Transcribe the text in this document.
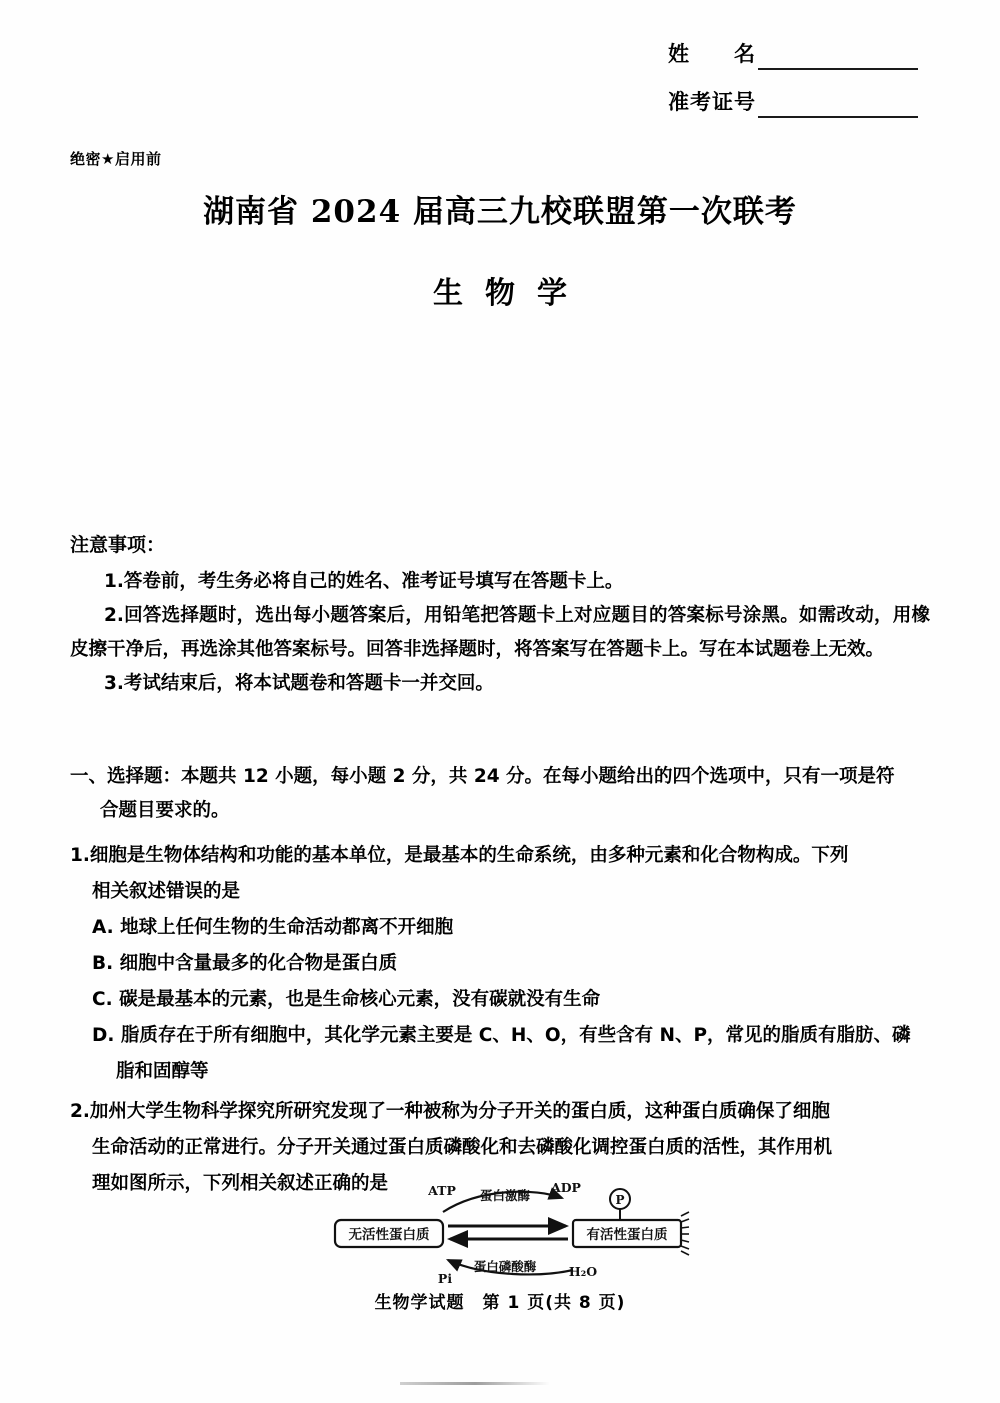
姓　　名
准考证号
绝密★启用前
湖南省 2024 届高三九校联盟第一次联考
生物学
注意事项：
1.答卷前，考生务必将自己的姓名、准考证号填写在答题卡上。
2.回答选择题时，选出每小题答案后，用铅笔把答题卡上对应题目的答案标号涂黑。如需改动，用橡皮擦干净后，再选涂其他答案标号。回答非选择题时，将答案写在答题卡上。写在本试题卷上无效。
3.考试结束后，将本试题卷和答题卡一并交回。
一、选择题：本题共 12 小题，每小题 2 分，共 24 分。在每小题给出的四个选项中，只有一项是符
合题目要求的。
1.细胞是生物体结构和功能的基本单位，是最基本的生命系统，由多种元素和化合物构成。下列
相关叙述错误的是
A. 地球上任何生物的生命活动都离不开细胞
B. 细胞中含量最多的化合物是蛋白质
C. 碳是最基本的元素，也是生命核心元素，没有碳就没有生命
D. 脂质存在于所有细胞中，其化学元素主要是 C、H、O，有些含有 N、P，常见的脂质有脂肪、磷
脂和固醇等
2.加州大学生物科学探究所研究发现了一种被称为分子开关的蛋白质，这种蛋白质确保了细胞
生命活动的正常进行。分子开关通过蛋白质磷酸化和去磷酸化调控蛋白质的活性，其作用机
理如图所示，下列相关叙述正确的是
无活性蛋白质	有活性蛋白质
P
ATP	ADP
蛋白激酶
蛋白磷酸酶
Pi	H₂O
生物学试题　第 1 页(共 8 页)
